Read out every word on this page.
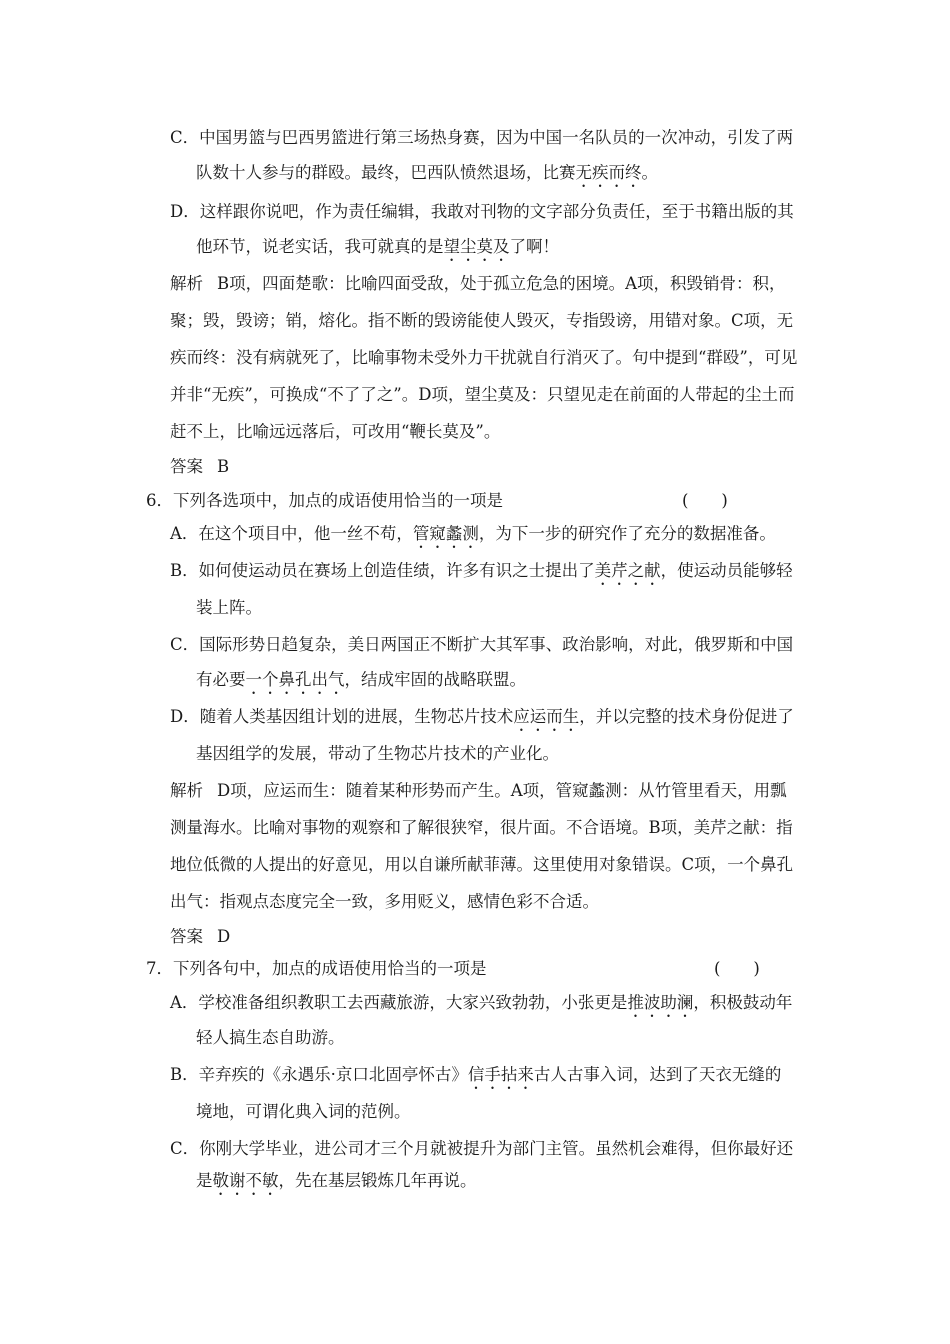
C．中国男篮与巴西男篮进行第三场热身赛，因为中国一名队员的一次冲动，引发了两
队数十人参与的群殴。最终，巴西队愤然退场，比赛无疾而终。
D．这样跟你说吧，作为责任编辑，我敢对刊物的文字部分负责任，至于书籍出版的其
他环节，说老实话，我可就真的是望尘莫及了啊！
解析 B项，四面楚歌：比喻四面受敌，处于孤立危急的困境。A项，积毁销骨：积，
聚；毁，毁谤；销，熔化。指不断的毁谤能使人毁灭，专指毁谤，用错对象。C项，无
疾而终：没有病就死了，比喻事物未受外力干扰就自行消灭了。句中提到“群殴”，可见
并非“无疾”，可换成“不了了之”。D项，望尘莫及：只望见走在前面的人带起的尘土而
赶不上，比喻远远落后，可改用“鞭长莫及”。
答案 B
6．下列各选项中，加点的成语使用恰当的一项是	(　　)
A．在这个项目中，他一丝不苟，管窥蠡测，为下一步的研究作了充分的数据准备。
B．如何使运动员在赛场上创造佳绩，许多有识之士提出了美芹之献，使运动员能够轻
装上阵。
C．国际形势日趋复杂，美日两国正不断扩大其军事、政治影响，对此，俄罗斯和中国
有必要一个鼻孔出气，结成牢固的战略联盟。
D．随着人类基因组计划的进展，生物芯片技术应运而生，并以完整的技术身份促进了
基因组学的发展，带动了生物芯片技术的产业化。
解析 D项，应运而生：随着某种形势而产生。A项，管窥蠡测：从竹管里看天，用瓢
测量海水。比喻对事物的观察和了解很狭窄，很片面。不合语境。B项，美芹之献：指
地位低微的人提出的好意见，用以自谦所献菲薄。这里使用对象错误。C项，一个鼻孔
出气：指观点态度完全一致，多用贬义，感情色彩不合适。
答案 D
7．下列各句中，加点的成语使用恰当的一项是	(　　)
A．学校准备组织教职工去西藏旅游，大家兴致勃勃，小张更是推波助澜，积极鼓动年
轻人搞生态自助游。
B．辛弃疾的《永遇乐·京口北固亭怀古》信手拈来古人古事入词，达到了天衣无缝的
境地，可谓化典入词的范例。
C．你刚大学毕业，进公司才三个月就被提升为部门主管。虽然机会难得，但你最好还
是敬谢不敏，先在基层锻炼几年再说。
